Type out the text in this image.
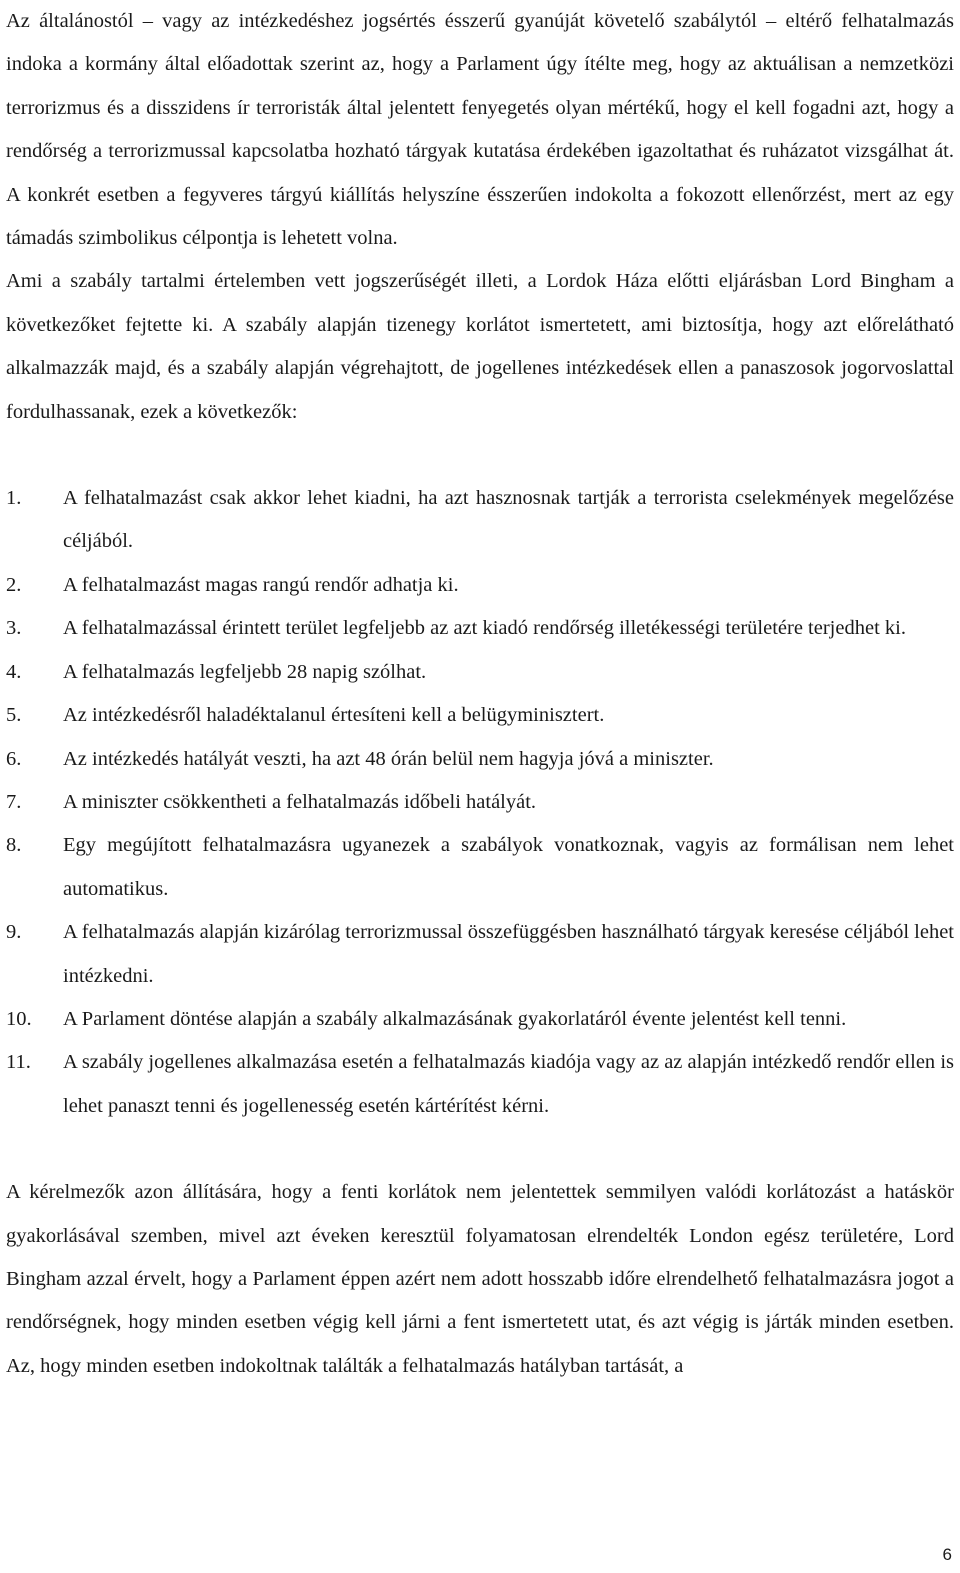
Az általánostól – vagy az intézkedéshez jogsértés ésszerű gyanúját követelő szabálytól – eltérő felhatalmazás indoka a kormány által előadottak szerint az, hogy a Parlament úgy ítélte meg, hogy az aktuálisan a nemzetközi terrorizmus és a disszidens ír terroristák által jelentett fenyegetés olyan mértékű, hogy el kell fogadni azt, hogy a rendőrség a terrorizmussal kapcsolatba hozható tárgyak kutatása érdekében igazoltathat és ruházatot vizsgálhat át. A konkrét esetben a fegyveres tárgyú kiállítás helyszíne ésszerűen indokolta a fokozott ellenőrzést, mert az egy támadás szimbolikus célpontja is lehetett volna.

Ami a szabály tartalmi értelemben vett jogszerűségét illeti, a Lordok Háza előtti eljárásban Lord Bingham a következőket fejtette ki. A szabály alapján tizenegy korlátot ismertetett, ami biztosítja, hogy azt előrelátható alkalmazzák majd, és a szabály alapján végrehajtott, de jogellenes intézkedések ellen a panaszosok jogorvoslattal fordulhassanak, ezek a következők:

1. A felhatalmazást csak akkor lehet kiadni, ha azt hasznosnak tartják a terrorista cselekmények megelőzése céljából.
2. A felhatalmazást magas rangú rendőr adhatja ki.
3. A felhatalmazással érintett terület legfeljebb az azt kiadó rendőrség illetékességi területére terjedhet ki.
4. A felhatalmazás legfeljebb 28 napig szólhat.
5. Az intézkedésről haladéktalanul értesíteni kell a belügyminisztert.
6. Az intézkedés hatályát veszti, ha azt 48 órán belül nem hagyja jóvá a miniszter.
7. A miniszter csökkentheti a felhatalmazás időbeli hatályát.
8. Egy megújított felhatalmazásra ugyanezek a szabályok vonatkoznak, vagyis az formálisan nem lehet automatikus.
9. A felhatalmazás alapján kizárólag terrorizmussal összefüggésben használható tárgyak keresése céljából lehet intézkedni.
10. A Parlament döntése alapján a szabály alkalmazásának gyakorlatáról évente jelentést kell tenni.
11. A szabály jogellenes alkalmazása esetén a felhatalmazás kiadója vagy az az alapján intézkedő rendőr ellen is lehet panaszt tenni és jogellenesség esetén kártérítést kérni.

A kérelmezők azon állítására, hogy a fenti korlátok nem jelentettek semmilyen valódi korlátozást a hatáskör gyakorlásával szemben, mivel azt éveken keresztül folyamatosan elrendelték London egész területére, Lord Bingham azzal érvelt, hogy a Parlament éppen azért nem adott hosszabb időre elrendelhető felhatalmazásra jogot a rendőrségnek, hogy minden esetben végig kell járni a fent ismertetett utat, és azt végig is járták minden esetben. Az, hogy minden esetben indokoltnak találták a felhatalmazás hatályban tartását, a

6
